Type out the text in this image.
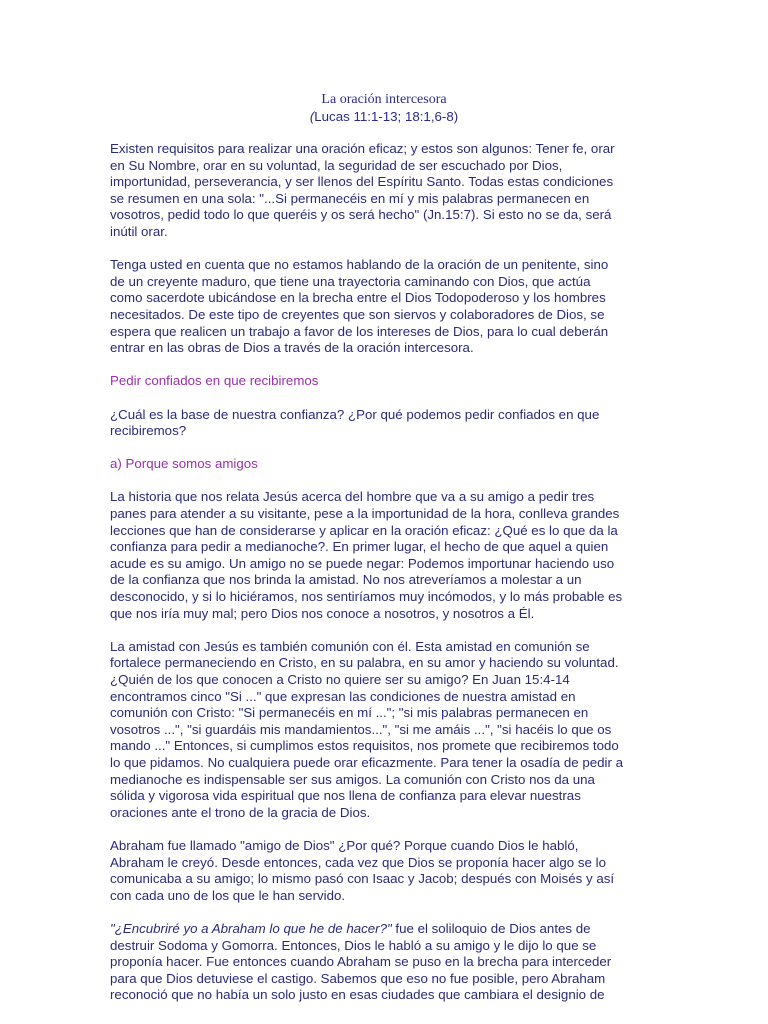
La oración intercesora
(Lucas 11:1-13; 18:1,6-8)

Existen requisitos para realizar una oración eficaz; y estos son algunos: Tener fe, orar
en Su Nombre, orar en su voluntad, la seguridad de ser escuchado por Dios,
importunidad, perseverancia, y ser llenos del Espíritu Santo. Todas estas condiciones
se resumen en una sola: "...Si permanecéis en mí y mis palabras permanecen en
vosotros, pedid todo lo que queréis y os será hecho" (Jn.15:7). Si esto no se da, será
inútil orar.

Tenga usted en cuenta que no estamos hablando de la oración de un penitente, sino
de un creyente maduro, que tiene una trayectoria caminando con Dios, que actúa
como sacerdote ubicándose en la brecha entre el Dios Todopoderoso y los hombres
necesitados. De este tipo de creyentes que son siervos y colaboradores de Dios, se
espera que realicen un trabajo a favor de los intereses de Dios, para lo cual deberán
entrar en las obras de Dios a través de la oración intercesora.

Pedir confiados en que recibiremos

¿Cuál es la base de nuestra confianza? ¿Por qué podemos pedir confiados en que
recibiremos?

a) Porque somos amigos

La historia que nos relata Jesús acerca del hombre que va a su amigo a pedir tres
panes para atender a su visitante, pese a la importunidad de la hora, conlleva grandes
lecciones que han de considerarse y aplicar en la oración eficaz: ¿Qué es lo que da la
confianza para pedir a medianoche?. En primer lugar, el hecho de que aquel a quien
acude es su amigo. Un amigo no se puede negar: Podemos importunar haciendo uso
de la confianza que nos brinda la amistad. No nos atreveríamos a molestar a un
desconocido, y si lo hiciéramos, nos sentiríamos muy incómodos, y lo más probable es
que nos iría muy mal; pero Dios nos conoce a nosotros, y nosotros a Él.

La amistad con Jesús es también comunión con él. Esta amistad en comunión se
fortalece permaneciendo en Cristo, en su palabra, en su amor y haciendo su voluntad.
¿Quién de los que conocen a Cristo no quiere ser su amigo? En Juan 15:4-14
encontramos cinco "Si ..." que expresan las condiciones de nuestra amistad en
comunión con Cristo: "Si permanecéis en mí ..."; "si mis palabras permanecen en
vosotros ...", "si guardáis mis mandamientos...", "si me amáis ...", "si hacéis lo que os
mando ..." Entonces, si cumplimos estos requisitos, nos promete que recibiremos todo
lo que pidamos. No cualquiera puede orar eficazmente. Para tener la osadía de pedir a
medianoche es indispensable ser sus amigos. La comunión con Cristo nos da una
sólida y vigorosa vida espiritual que nos llena de confianza para elevar nuestras
oraciones ante el trono de la gracia de Dios.

Abraham fue llamado "amigo de Dios" ¿Por qué? Porque cuando Dios le habló,
Abraham le creyó. Desde entonces, cada vez que Dios se proponía hacer algo se lo
comunicaba a su amigo; lo mismo pasó con Isaac y Jacob; después con Moisés y así
con cada uno de los que le han servido.

"¿Encubriré yo a Abraham lo que he de hacer?" fue el soliloquio de Dios antes de
destruir Sodoma y Gomorra. Entonces, Dios le habló a su amigo y le dijo lo que se
proponía hacer. Fue entonces cuando Abraham se puso en la brecha para interceder
para que Dios detuviese el castigo. Sabemos que eso no fue posible, pero Abraham
reconoció que no había un solo justo en esas ciudades que cambiara el designio de
